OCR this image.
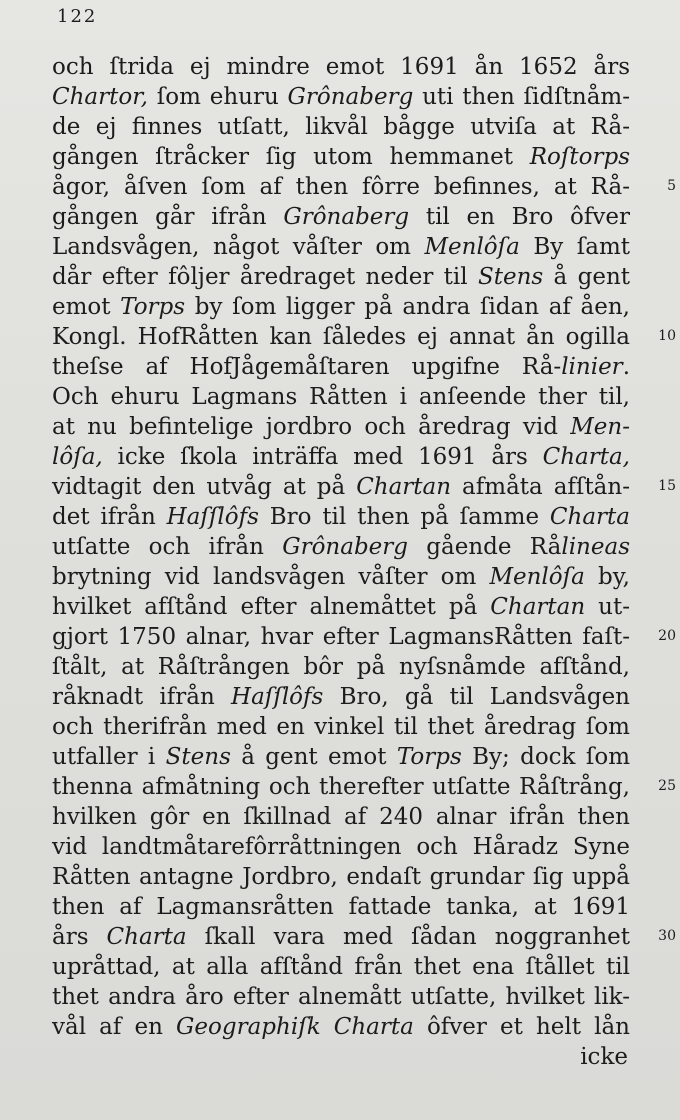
122
och ſtrida ej mindre emot 1691 ån 1652 års
Chartor, ſom ehuru Grônaberg uti then ſidſtnåm-
de ej finnes utſatt, likvål bågge utviſa at Rå-
gången ſtråcker ſig utom hemmanet Roſtorps
ågor, åſven ſom af then fôrre befinnes, at Rå-	5
gången går ifrån Grônaberg til en Bro ôfver
Landsvågen, något våſter om Menlôſa By ſamt
dår efter fôljer åredraget neder til Stens å gent
emot Torps by ſom ligger på andra ſidan af åen,
Kongl. HofRåtten kan ſåledes ej annat ån ogilla	10
theſse af HofJågemåſtaren upgifne Rå-linier.
Och ehuru Lagmans Råtten i anſeende ther til,
at nu befintelige jordbro och åredrag vid Men-
lôſa, icke ſkola inträffa med 1691 års Charta,
vidtagit den utvåg at på Chartan afmåta afſtån-	15
det ifrån Haſſlôfs Bro til then på ſamme Charta
utſatte och ifrån Grônaberg gående Rålineas
brytning vid landsvågen våſter om Menlôſa by,
hvilket afſtånd efter alnemåttet på Chartan ut-
gjort 1750 alnar, hvar efter LagmansRåtten faſt-	20
ſtålt, at Råſtrången bôr på nyſsnåmde afſtånd,
råknadt ifrån Haſſlôfs Bro, gå til Landsvågen
och therifrån med en vinkel til thet åredrag ſom
utfaller i Stens å gent emot Torps By; dock ſom
thenna afmåtning och therefter utſatte Råſtrång,	25
hvilken gôr en ſkillnad af 240 alnar ifrån then
vid landtmåtarefôrråttningen och Håradz Syne
Råtten antagne Jordbro, endaſt grundar ſig uppå
then af Lagmansråtten fattade tanka, at 1691
års Charta ſkall vara med ſådan noggranhet	30
upråttad, at alla afſtånd från thet ena ſtållet til
thet andra åro efter alnemått utſatte, hvilket lik-
vål af en Geographiſk Charta ôfver et helt lån
icke
